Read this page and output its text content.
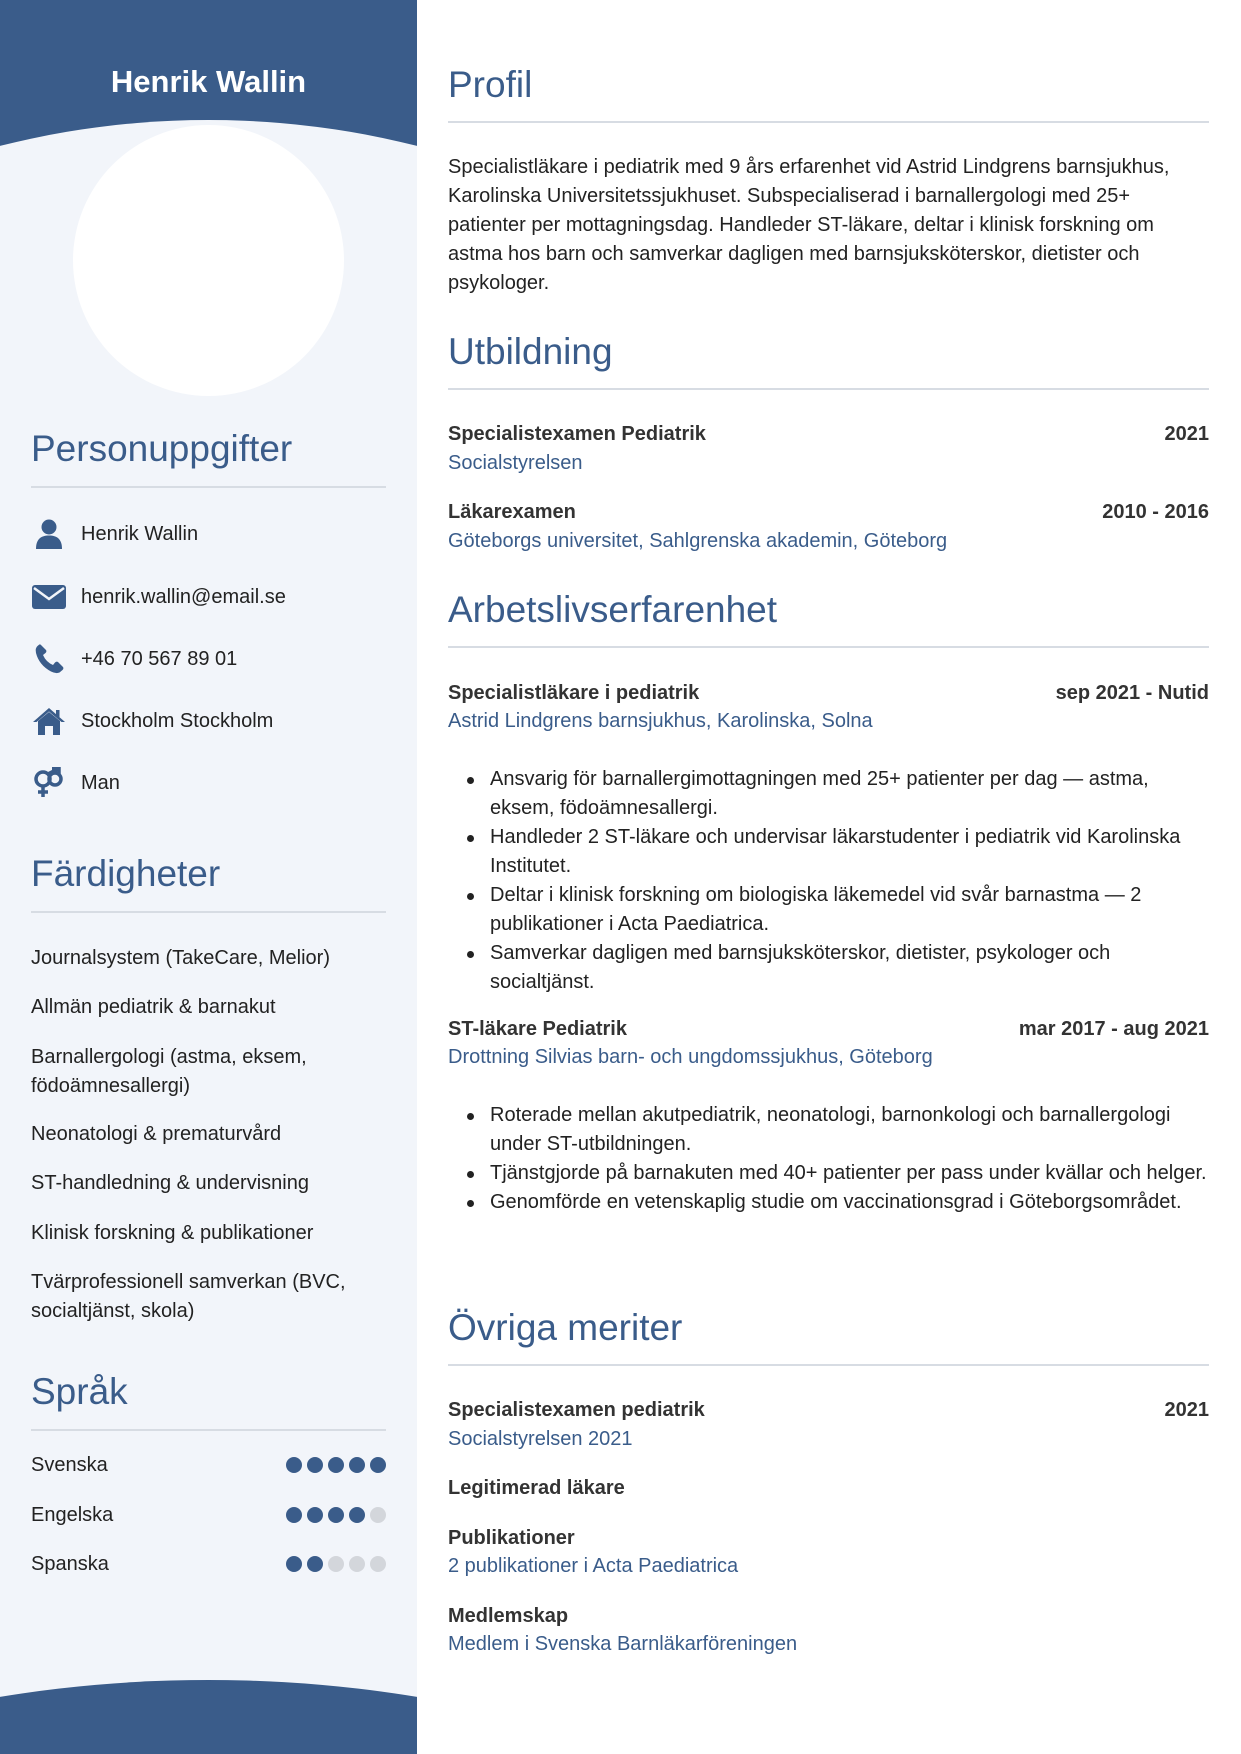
Henrik Wallin
Personuppgifter
Henrik Wallin
henrik.wallin@email.se
+46 70 567 89 01
Stockholm Stockholm
Man
Färdigheter
Journalsystem (TakeCare, Melior)
Allmän pediatrik & barnakut
Barnallergologi (astma, eksem, födoämnesallergi)
Neonatologi & prematurvård
ST-handledning & undervisning
Klinisk forskning & publikationer
Tvärprofessionell samverkan (BVC, socialtjänst, skola)
Språk
Svenska
Engelska
Spanska
Profil
Specialistläkare i pediatrik med 9 års erfarenhet vid Astrid Lindgrens barnsjukhus, Karolinska Universitetssjukhuset. Subspecialiserad i barnallergologi med 25+ patienter per mottagningsdag. Handleder ST-läkare, deltar i klinisk forskning om astma hos barn och samverkar dagligen med barnsjuksköterskor, dietister och psykologer.
Utbildning
Specialistexamen Pediatrik	2021
Socialstyrelsen
Läkarexamen	2010 - 2016
Göteborgs universitet, Sahlgrenska akademin, Göteborg
Arbetslivserfarenhet
Specialistläkare i pediatrik	sep 2021 - Nutid
Astrid Lindgrens barnsjukhus, Karolinska, Solna
Ansvarig för barnallergimottagningen med 25+ patienter per dag — astma, eksem, födoämnesallergi.
Handleder 2 ST-läkare och undervisar läkarstudenter i pediatrik vid Karolinska Institutet.
Deltar i klinisk forskning om biologiska läkemedel vid svår barnastma — 2 publikationer i Acta Paediatrica.
Samverkar dagligen med barnsjuksköterskor, dietister, psykologer och socialtjänst.
ST-läkare Pediatrik	mar 2017 - aug 2021
Drottning Silvias barn- och ungdomssjukhus, Göteborg
Roterade mellan akutpediatrik, neonatologi, barnonkologi och barnallergologi under ST-utbildningen.
Tjänstgjorde på barnakuten med 40+ patienter per pass under kvällar och helger.
Genomförde en vetenskaplig studie om vaccinationsgrad i Göteborgsområdet.
Övriga meriter
Specialistexamen pediatrik	2021
Socialstyrelsen 2021
Legitimerad läkare
Publikationer
2 publikationer i Acta Paediatrica
Medlemskap
Medlem i Svenska Barnläkarföreningen
